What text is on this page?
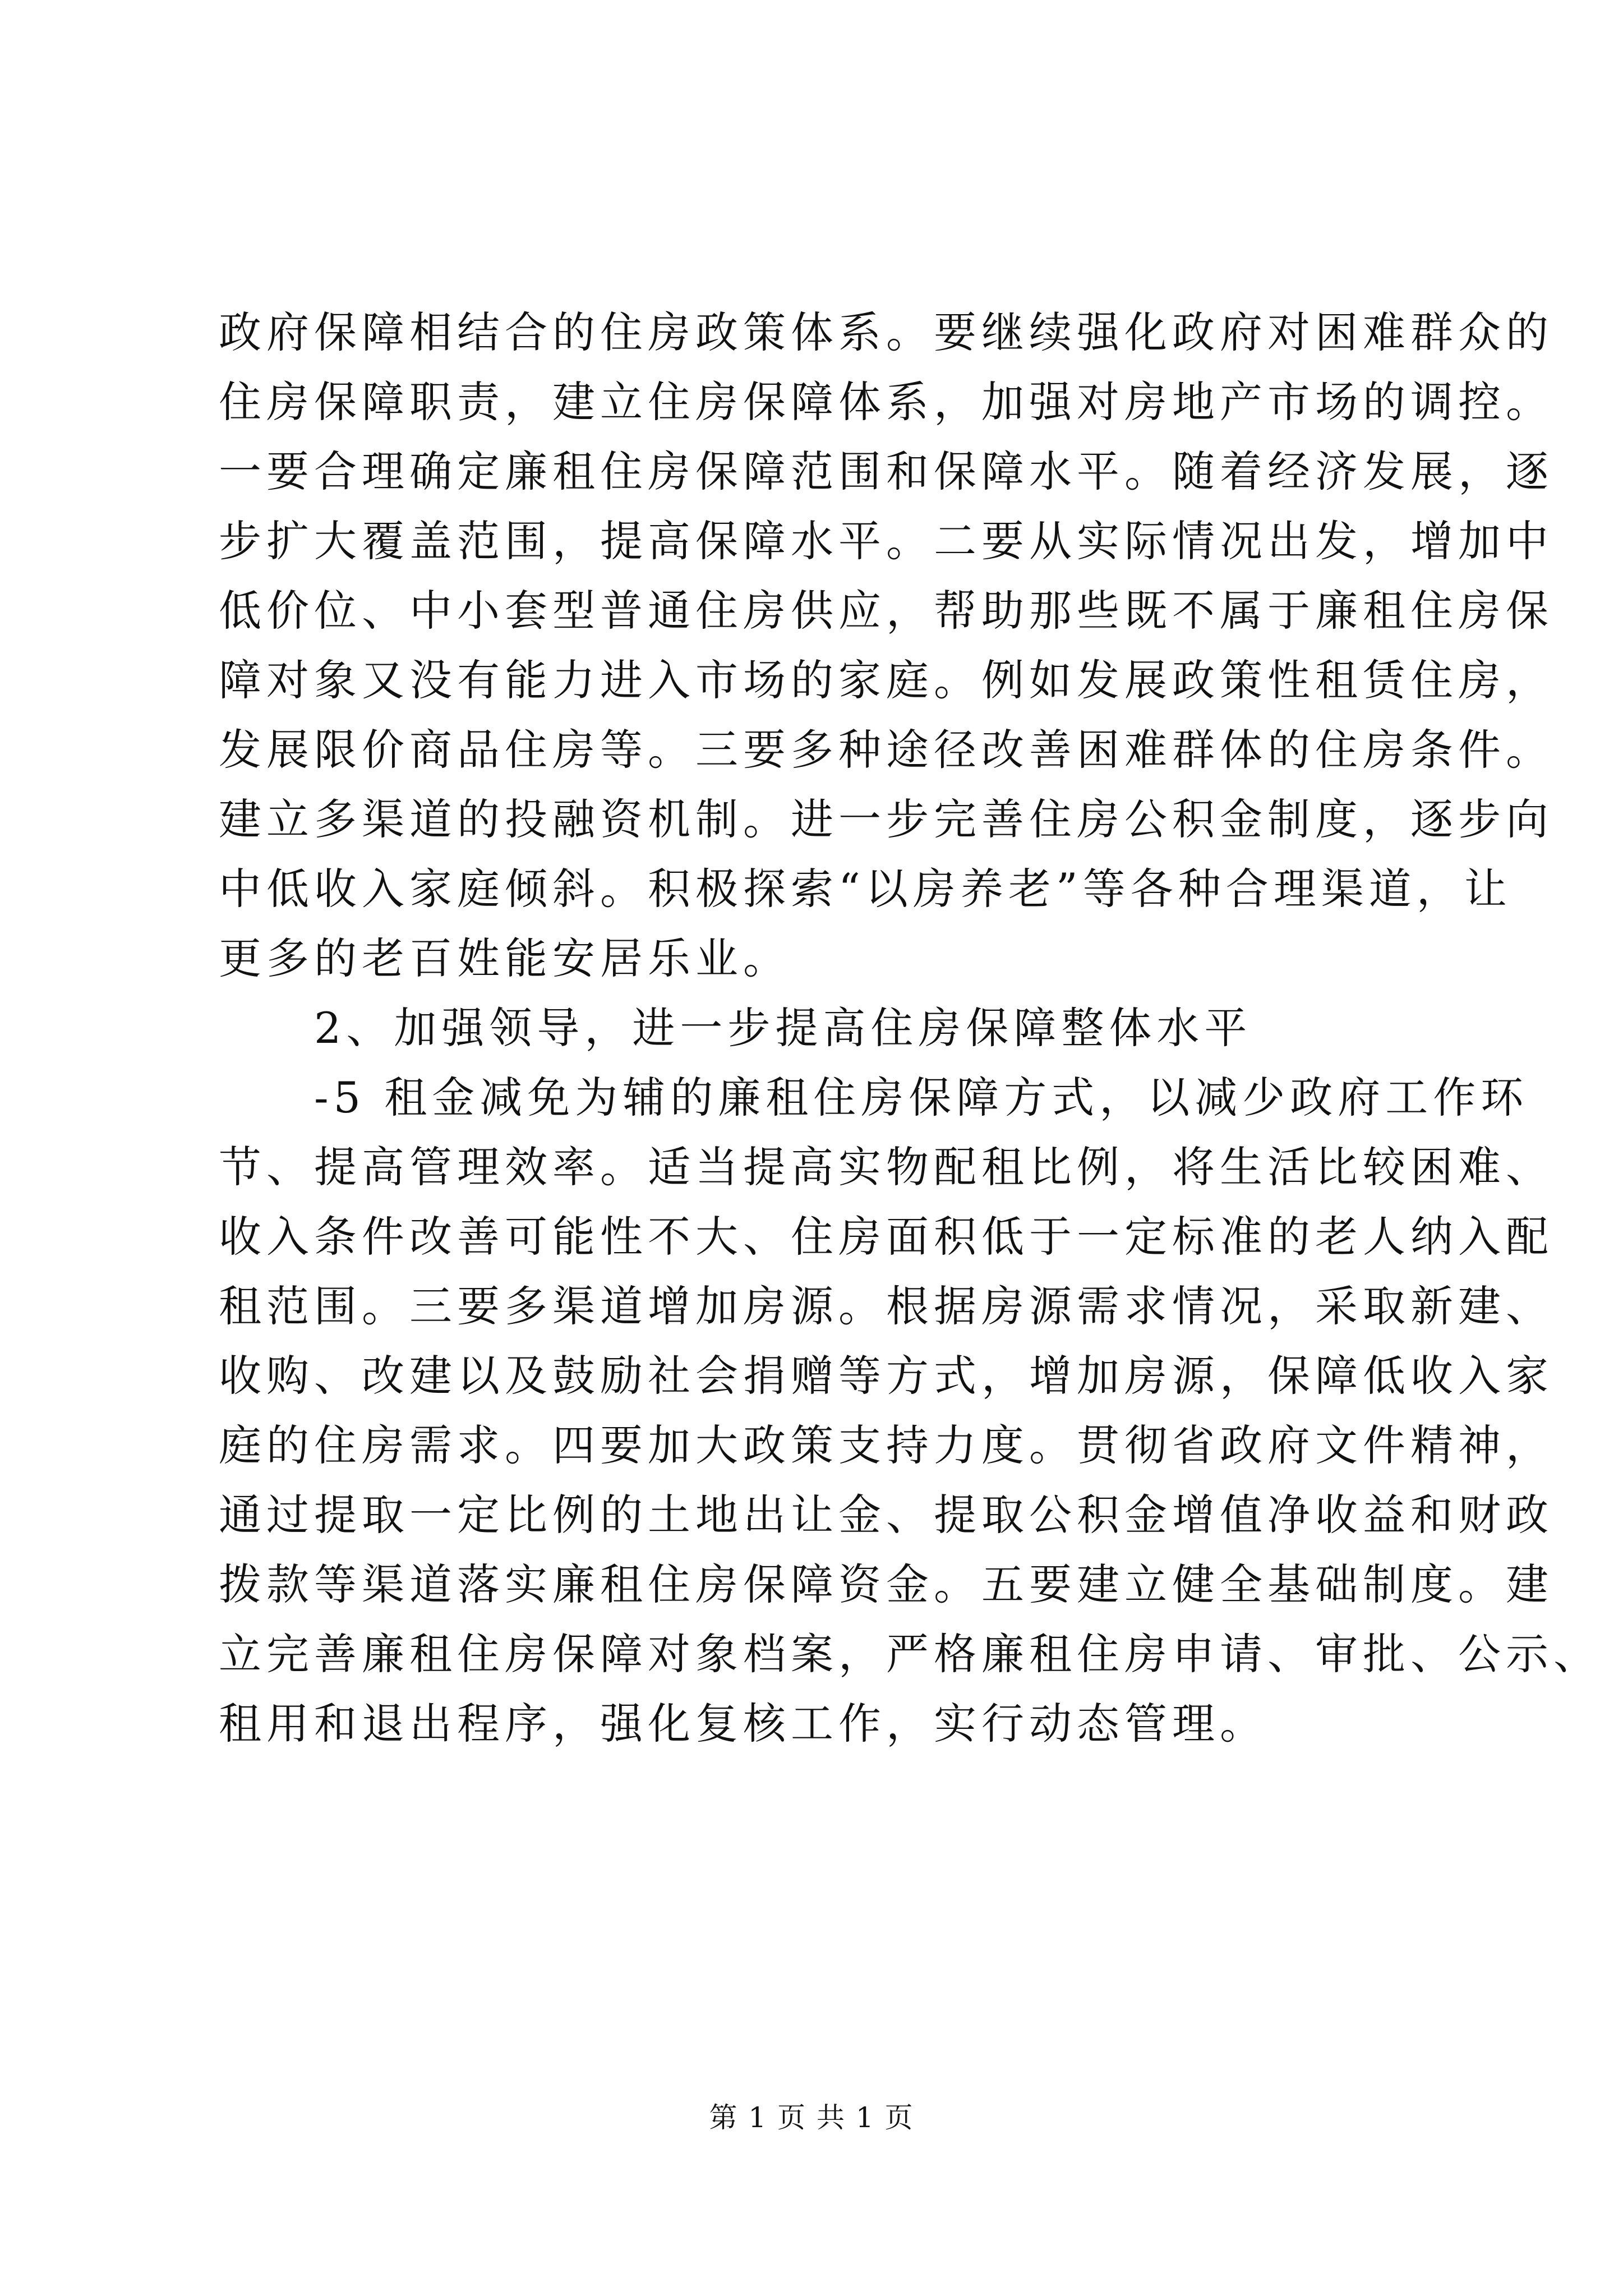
政府保障相结合的住房政策体系。要继续强化政府对困难群众的
住房保障职责，建立住房保障体系，加强对房地产市场的调控。
一要合理确定廉租住房保障范围和保障水平。随着经济发展，逐
步扩大覆盖范围，提高保障水平。二要从实际情况出发，增加中
低价位、中小套型普通住房供应，帮助那些既不属于廉租住房保
障对象又没有能力进入市场的家庭。例如发展政策性租赁住房，
发展限价商品住房等。三要多种途径改善困难群体的住房条件。
建立多渠道的投融资机制。进一步完善住房公积金制度，逐步向
中低收入家庭倾斜。积极探索“以房养老”等各种合理渠道，让
更多的老百姓能安居乐业。
2、加强领导，进一步提高住房保障整体水平
-5 租金减免为辅的廉租住房保障方式，以减少政府工作环
节、提高管理效率。适当提高实物配租比例，将生活比较困难、
收入条件改善可能性不大、住房面积低于一定标准的老人纳入配
租范围。三要多渠道增加房源。根据房源需求情况，采取新建、
收购、改建以及鼓励社会捐赠等方式，增加房源，保障低收入家
庭的住房需求。四要加大政策支持力度。贯彻省政府文件精神，
通过提取一定比例的土地出让金、提取公积金增值净收益和财政
拨款等渠道落实廉租住房保障资金。五要建立健全基础制度。建
立完善廉租住房保障对象档案，严格廉租住房申请、审批、公示、
租用和退出程序，强化复核工作，实行动态管理。
第 1 页 共 1 页
